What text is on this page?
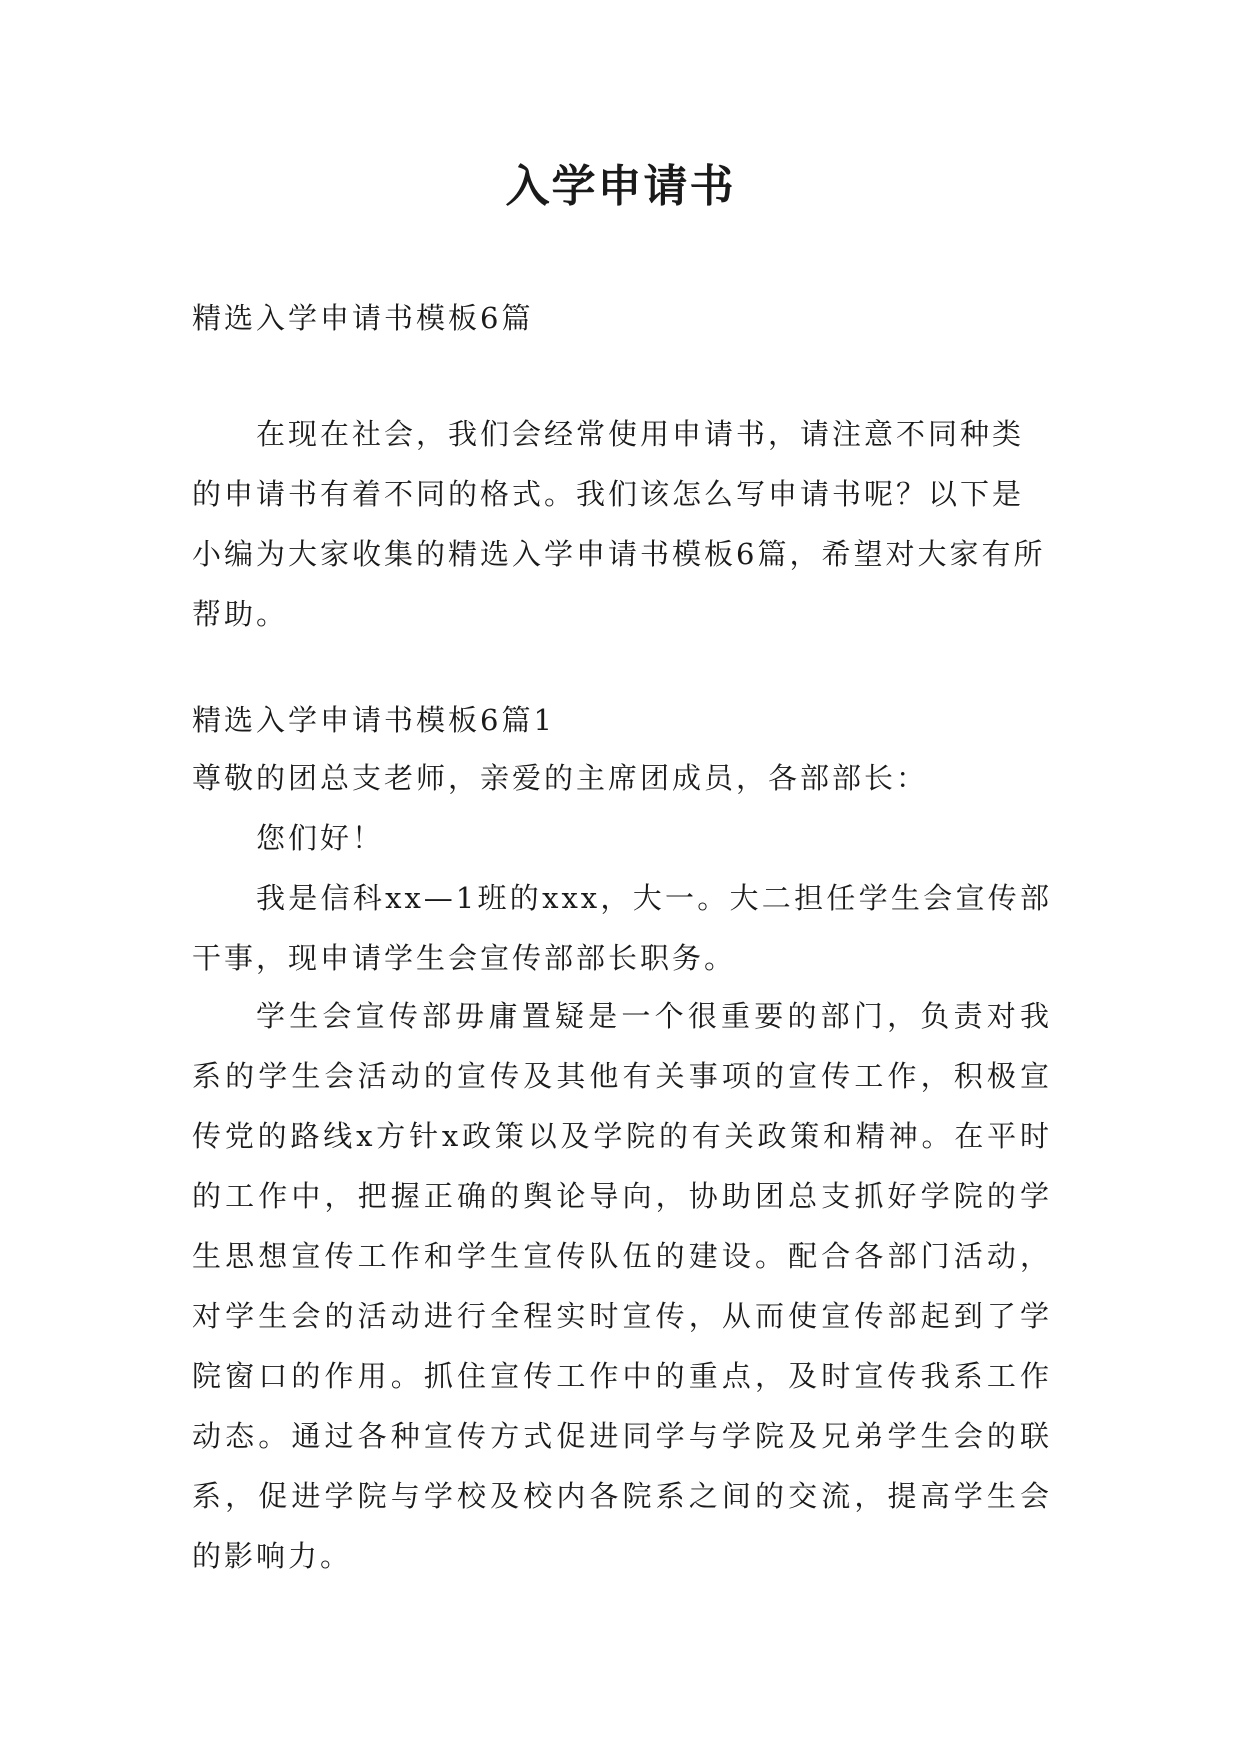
入学申请书
精选入学申请书模板6篇
在现在社会，我们会经常使用申请书，请注意不同种类的申请书有着不同的格式。我们该怎么写申请书呢？以下是小编为大家收集的精选入学申请书模板6篇，希望对大家有所帮助。
精选入学申请书模板6篇1
尊敬的团总支老师，亲爱的主席团成员，各部部长：
您们好！
我是信科xx—1班的xxx，大一。大二担任学生会宣传部干事，现申请学生会宣传部部长职务。
学生会宣传部毋庸置疑是一个很重要的部门，负责对我系的学生会活动的宣传及其他有关事项的宣传工作，积极宣传党的路线x方针x政策以及学院的有关政策和精神。在平时的工作中，把握正确的舆论导向，协助团总支抓好学院的学生思想宣传工作和学生宣传队伍的建设。配合各部门活动，对学生会的活动进行全程实时宣传，从而使宣传部起到了学院窗口的作用。抓住宣传工作中的重点，及时宣传我系工作动态。通过各种宣传方式促进同学与学院及兄弟学生会的联系，促进学院与学校及校内各院系之间的交流，提高学生会的影响力。
